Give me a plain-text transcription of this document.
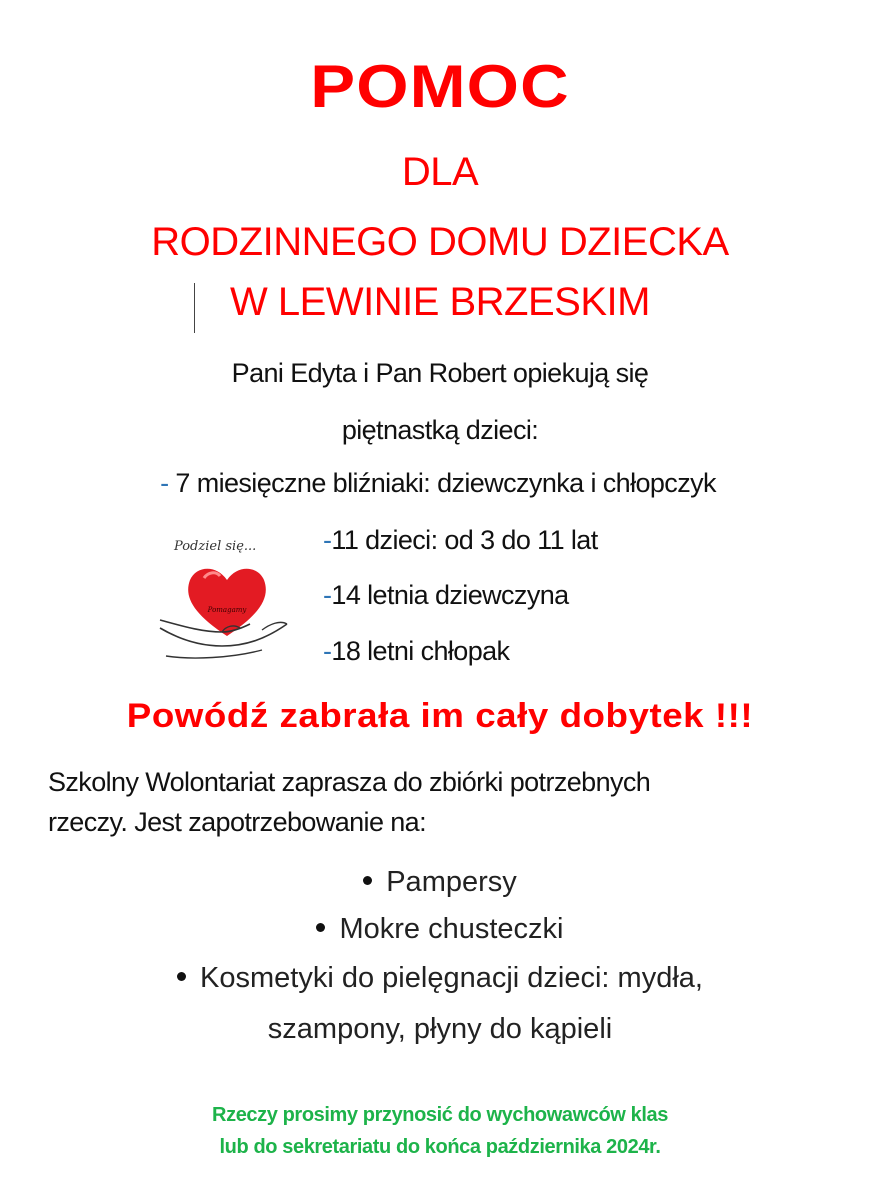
POMOC
DLA
RODZINNEGO DOMU DZIECKA
W LEWINIE BRZESKIM
Pani Edyta i Pan Robert opiekują się
piętnastką dzieci:
- 7 miesięczne bliźniaki: dziewczynka i chłopczyk
Podziel się...
Pomagamy
-11 dzieci: od 3 do 11 lat
-14 letnia dziewczyna
-18 letni chłopak
Powódź zabrała im cały dobytek !!!
Szkolny Wolontariat zaprasza do zbiórki potrzebnych
rzeczy. Jest zapotrzebowanie na:
Pampersy
Mokre chusteczki
Kosmetyki do pielęgnacji dzieci: mydła,
szampony, płyny do kąpieli
Rzeczy prosimy przynosić do wychowawców klas
lub do sekretariatu do końca października 2024r.
